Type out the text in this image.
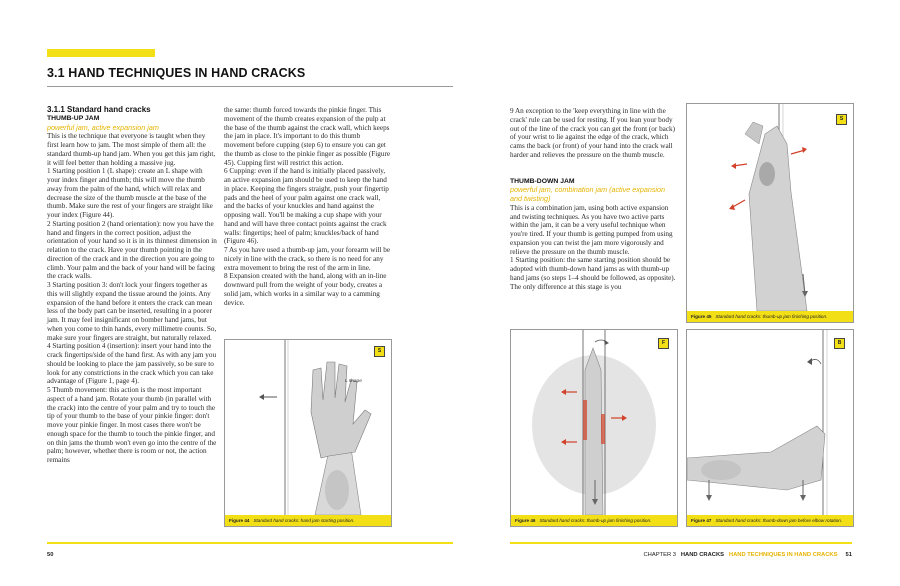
3.1 HAND TECHNIQUES IN HAND CRACKS

3.1.1 Standard hand cracks

THUMB-UP JAM

powerful jam, active expansion jam

This is the technique that everyone is taught when they first learn how to jam. The most simple of them all: the standard thumb-up hand jam. When you get this jam right, it will feel better than holding a massive jug.

1 Starting position 1 (L shape): create an L shape with your index finger and thumb; this will move the thumb away from the palm of the hand, which will relax and decrease the size of the thumb muscle at the base of the thumb. Make sure the rest of your fingers are straight like your index (Figure 44).

2 Starting position 2 (hand orientation): now you have the hand and fingers in the correct position, adjust the orientation of your hand so it is in its thinnest dimension in relation to the crack. Have your thumb pointing in the direction of the crack and in the direction you are going to climb. Your palm and the back of your hand will be facing the crack walls.

3 Starting position 3: don't lock your fingers together as this will slightly expand the tissue around the joints. Any expansion of the hand before it enters the crack can mean less of the body part can be inserted, resulting in a poorer jam. It may feel insignificant on bomber hand jams, but when you come to thin hands, every millimetre counts. So, make sure your fingers are straight, but naturally relaxed.

4 Starting position 4 (insertion): insert your hand into the crack fingertips/side of the hand first. As with any jam you should be looking to place the jam passively, so be sure to look for any constrictions in the crack which you can take advantage of (Figure 1, page 4).

5 Thumb movement: this action is the most important aspect of a hand jam. Rotate your thumb (in parallel with the crack) into the centre of your palm and try to touch the tip of your thumb to the base of your pinkie finger: don't move your pinkie finger. In most cases there won't be enough space for the thumb to touch the pinkie finger, and on thin jams the thumb won't even go into the centre of the palm; however, whether there is room or not, the action remains

the same: thumb forced towards the pinkie finger. This movement of the thumb creates expansion of the pulp at the base of the thumb against the crack wall, which keeps the jam in place. It's important to do this thumb movement before cupping (step 6) to ensure you can get the thumb as close to the pinkie finger as possible (Figure 45). Cupping first will restrict this action.

6 Cupping: even if the hand is initially placed passively, an active expansion jam should be used to keep the hand in place. Keeping the fingers straight, push your fingertip pads and the heel of your palm against one crack wall, and the backs of your knuckles and hand against the opposing wall. You'll be making a cup shape with your hand and will have three contact points against the crack walls: fingertips; heel of palm; knuckles/back of hand (Figure 46).

7 As you have used a thumb-up jam, your forearm will be nicely in line with the crack, so there is no need for any extra movement to bring the rest of the arm in line.

8 Expansion created with the hand, along with an in-line downward pull from the weight of your body, creates a solid jam, which works in a similar way to a camming device.

S
L shape
Figure 44 Standard hand cracks: hand jam starting position.
50

9 An exception to the 'keep everything in line with the crack' rule can be used for resting. If you lean your body out of the line of the crack you can get the front (or back) of your wrist to lie against the edge of the crack, which cams the back (or front) of your hand into the crack wall harder and relieves the pressure on the thumb muscle.

THUMB-DOWN JAM

powerful jam, combination jam (active expansion and twisting)

This is a combination jam, using both active expansion and twisting techniques. As you have two active parts within the jam, it can be a very useful technique when you're tired. If your thumb is getting pumped from using expansion you can twist the jam more vigorously and relieve the pressure on the thumb muscle.

1 Starting position: the same starting position should be adopted with thumb-down hand jams as with thumb-up hand jams (so steps 1–4 should be followed, as opposite). The only difference at this stage is you

S
Figure 45 Standard hand cracks: thumb-up jam finishing position.
F
Figure 46 Standard hand cracks: thumb-up jam finishing position.
B
Figure 47 Standard hand cracks: thumb-down jam before elbow rotation.
CHAPTER 3 HAND CRACKS HAND TECHNIQUES IN HAND CRACKS 51
